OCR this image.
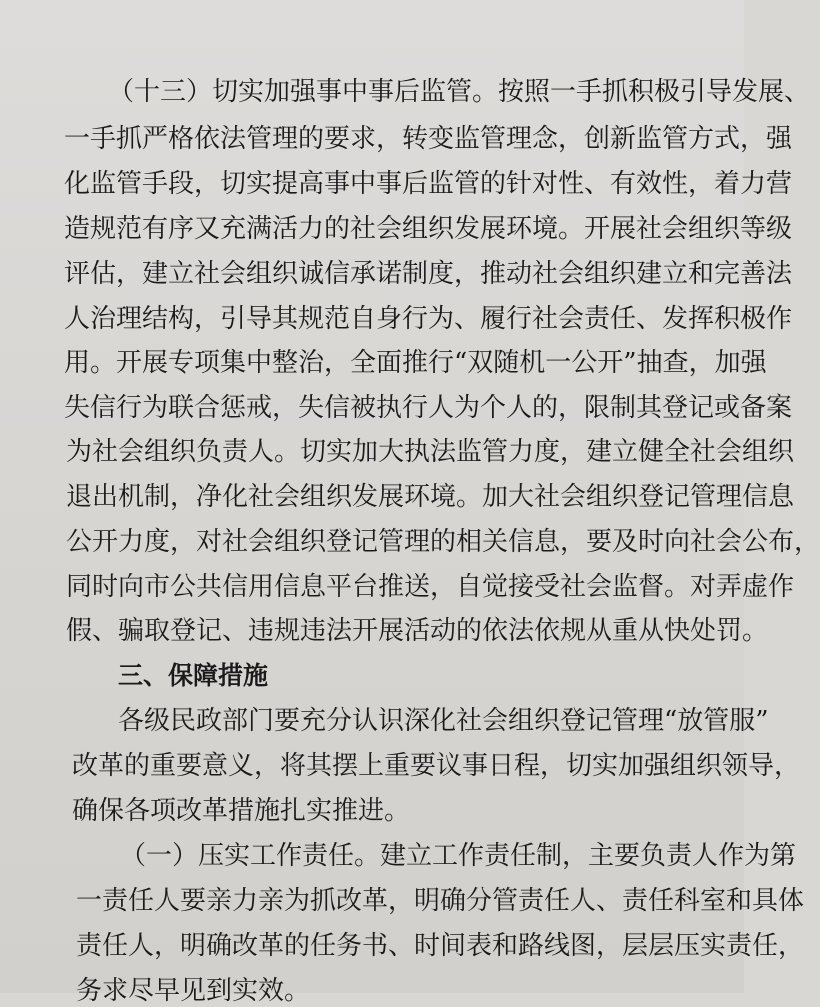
（十三）切实加强事中事后监管。按照一手抓积极引导发展、
一手抓严格依法管理的要求，转变监管理念，创新监管方式，强
化监管手段，切实提高事中事后监管的针对性、有效性，着力营
造规范有序又充满活力的社会组织发展环境。开展社会组织等级
评估，建立社会组织诚信承诺制度，推动社会组织建立和完善法
人治理结构，引导其规范自身行为、履行社会责任、发挥积极作
用。开展专项集中整治，全面推行“双随机一公开”抽查，加强
失信行为联合惩戒，失信被执行人为个人的，限制其登记或备案
为社会组织负责人。切实加大执法监管力度，建立健全社会组织
退出机制，净化社会组织发展环境。加大社会组织登记管理信息
公开力度，对社会组织登记管理的相关信息，要及时向社会公布，
同时向市公共信用信息平台推送，自觉接受社会监督。对弄虚作
假、骗取登记、违规违法开展活动的依法依规从重从快处罚。
三、保障措施
各级民政部门要充分认识深化社会组织登记管理“放管服”
改革的重要意义，将其摆上重要议事日程，切实加强组织领导，
确保各项改革措施扎实推进。
（一）压实工作责任。建立工作责任制，主要负责人作为第
一责任人要亲力亲为抓改革，明确分管责任人、责任科室和具体
责任人，明确改革的任务书、时间表和路线图，层层压实责任，
务求尽早见到实效。
